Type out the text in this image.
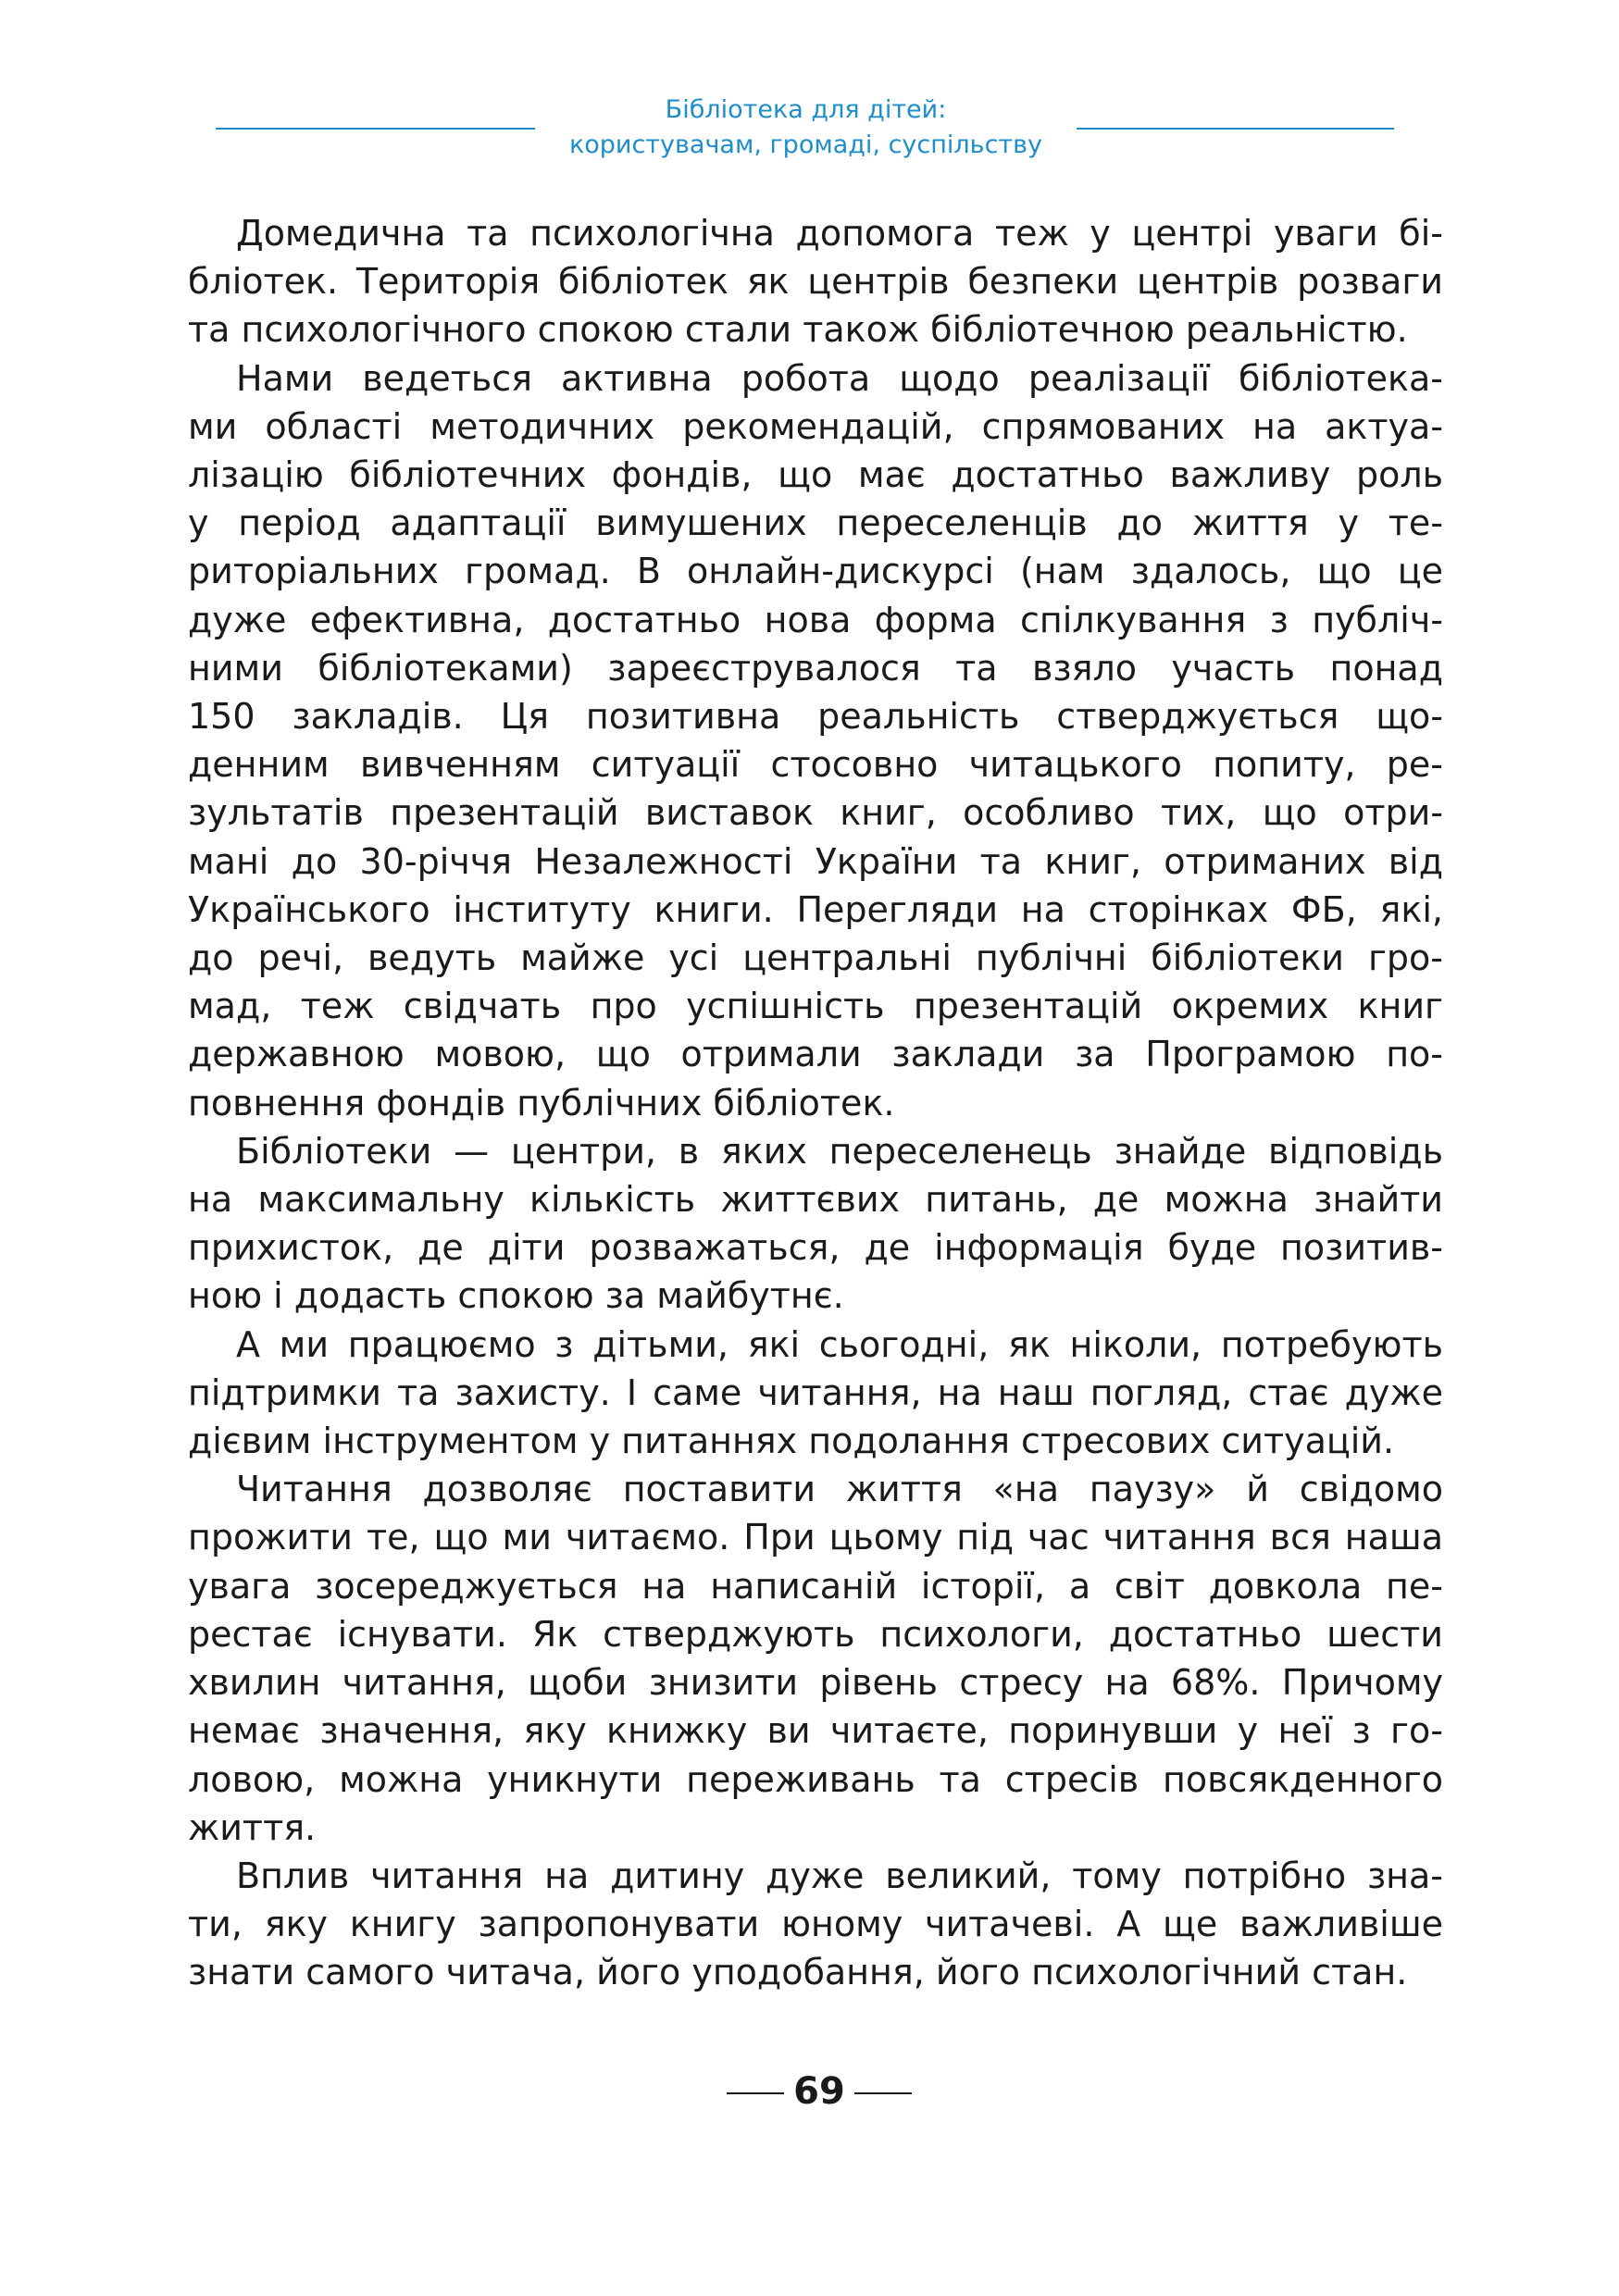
Бібліотека для дітей:
користувачам, громаді, суспільству

Домедична та психологічна допомога теж у центрі уваги бі-
бліотек. Територія бібліотек як центрів безпеки центрів розваги
та психологічного спокою стали також бібліотечною реальністю.

Нами ведеться активна робота щодо реалізації бібліотека-
ми області методичних рекомендацій, спрямованих на актуа-
лізацію бібліотечних фондів, що має достатньо важливу роль
у період адаптації вимушених переселенців до життя у те-
риторіальних громад. В онлайн-дискурсі (нам здалось, що це
дуже ефективна, достатньо нова форма спілкування з публіч-
ними бібліотеками) зареєструвалося та взяло участь понад
150 закладів. Ця позитивна реальність стверджується що-
денним вивченням ситуації стосовно читацького попиту, ре-
зультатів презентацій виставок книг, особливо тих, що отри-
мані до 30-річчя Незалежності України та книг, отриманих від
Українського інституту книги. Перегляди на сторінках ФБ, які,
до речі, ведуть майже усі центральні публічні бібліотеки гро-
мад, теж свідчать про успішність презентацій окремих книг
державною мовою, що отримали заклади за Програмою по-
повнення фондів публічних бібліотек.

Бібліотеки — центри, в яких переселенець знайде відповідь
на максимальну кількість життєвих питань, де можна знайти
прихисток, де діти розважаться, де інформація буде позитив-
ною і додасть спокою за майбутнє.

А ми працюємо з дітьми, які сьогодні, як ніколи, потребують
підтримки та захисту. І саме читання, на наш погляд, стає дуже
дієвим інструментом у питаннях подолання стресових ситуацій.

Читання дозволяє поставити життя «на паузу» й свідомо
прожити те, що ми читаємо. При цьому під час читання вся наша
увага зосереджується на написаній історії, а світ довкола пе-
рестає існувати. Як стверджують психологи, достатньо шести
хвилин читання, щоби знизити рівень стресу на 68%. Причому
немає значення, яку книжку ви читаєте, поринувши у неї з го-
ловою, можна уникнути переживань та стресів повсякденного
життя.

Вплив читання на дитину дуже великий, тому потрібно зна-
ти, яку книгу запропонувати юному читачеві. А ще важливіше
знати самого читача, його уподобання, його психологічний стан.

69
